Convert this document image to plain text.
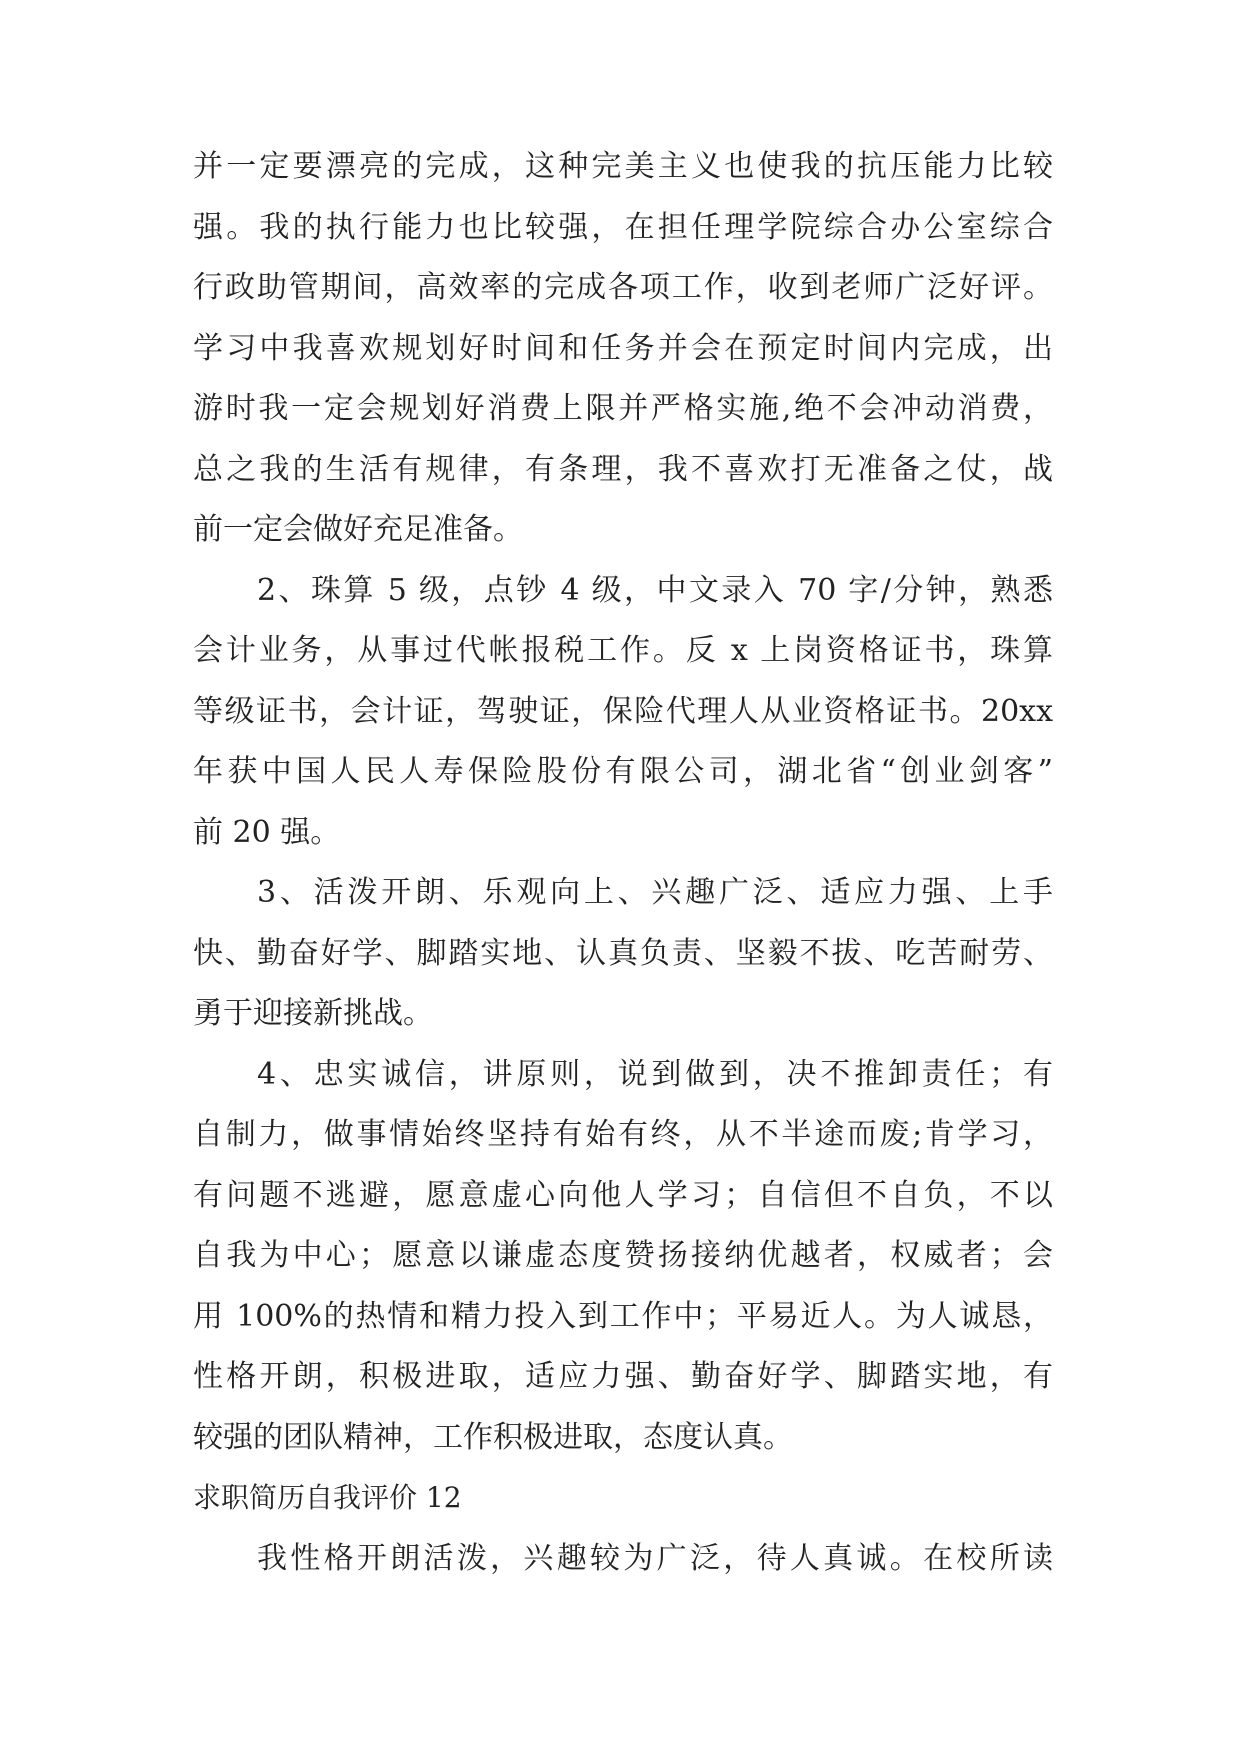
并一定要漂亮的完成，这种完美主义也使我的抗压能力比较
强。我的执行能力也比较强，在担任理学院综合办公室综合
行政助管期间，高效率的完成各项工作，收到老师广泛好评。
学习中我喜欢规划好时间和任务并会在预定时间内完成，出
游时我一定会规划好消费上限并严格实施,绝不会冲动消费，
总之我的生活有规律，有条理，我不喜欢打无准备之仗，战
前一定会做好充足准备。
2、珠算 5 级，点钞 4 级，中文录入 70 字/分钟，熟悉
会计业务，从事过代帐报税工作。反 x 上岗资格证书，珠算
等级证书，会计证，驾驶证，保险代理人从业资格证书。20xx
年获中国人民人寿保险股份有限公司，湖北省“创业剑客”
前 20 强。
3、活泼开朗、乐观向上、兴趣广泛、适应力强、上手
快、勤奋好学、脚踏实地、认真负责、坚毅不拔、吃苦耐劳、
勇于迎接新挑战。
4、忠实诚信，讲原则，说到做到，决不推卸责任；有
自制力，做事情始终坚持有始有终，从不半途而废;肯学习，
有问题不逃避，愿意虚心向他人学习；自信但不自负，不以
自我为中心；愿意以谦虚态度赞扬接纳优越者，权威者；会
用 100%的热情和精力投入到工作中；平易近人。为人诚恳，
性格开朗，积极进取，适应力强、勤奋好学、脚踏实地，有
较强的团队精神，工作积极进取，态度认真。
求职简历自我评价 12
我性格开朗活泼，兴趣较为广泛，待人真诚。在校所读
